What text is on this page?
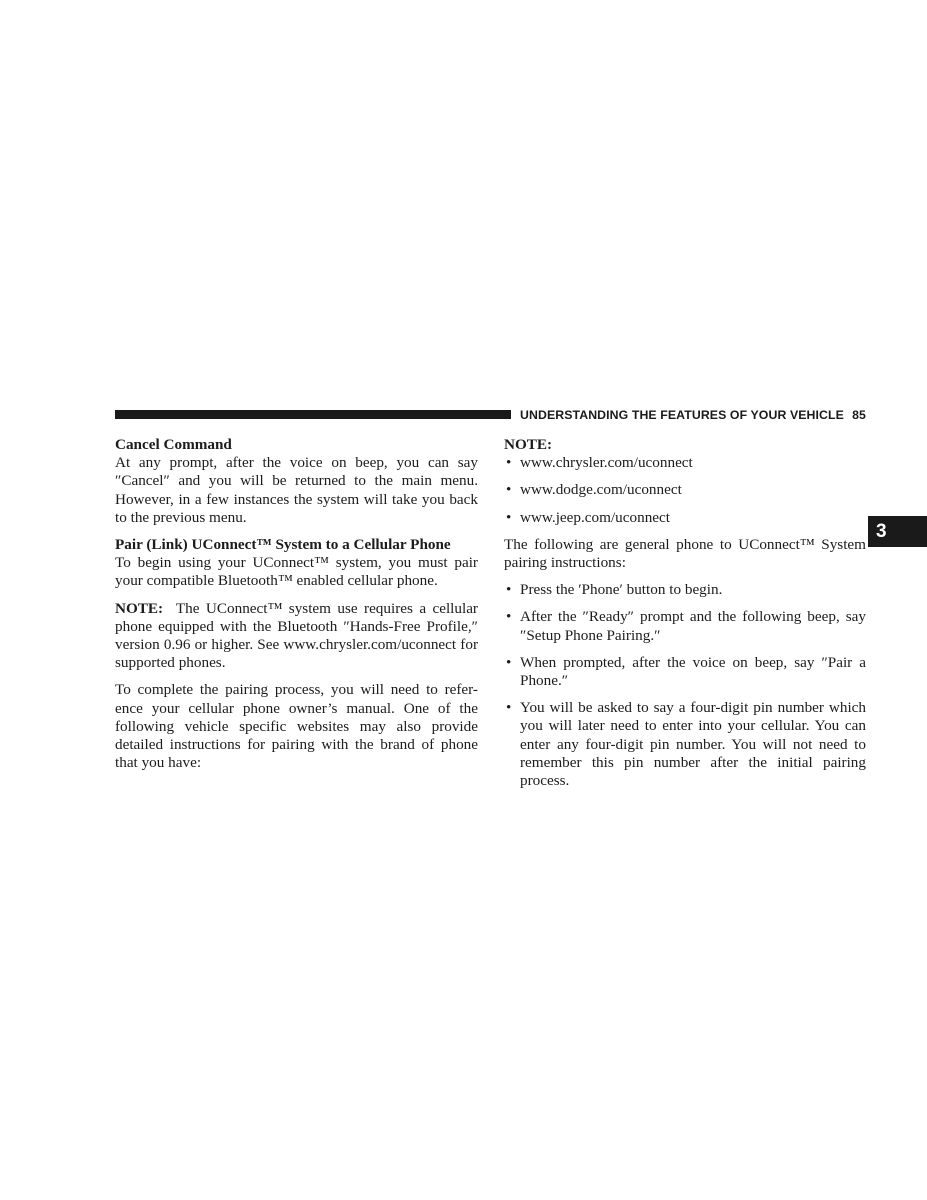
UNDERSTANDING THE FEATURES OF YOUR VEHICLE 85
3

Cancel Command
At any prompt, after the voice on beep, you can say ″Cancel″ and you will be returned to the main menu. However, in a few instances the system will take you back to the previous menu.

Pair (Link) UConnect™ System to a Cellular Phone
To begin using your UConnect™ system, you must pair your compatible Bluetooth™ enabled cellular phone.

NOTE: The UConnect™ system use requires a cellular phone equipped with the Bluetooth ″Hands-Free Profile,″ version 0.96 or higher. See www.chrysler.com/uconnect for supported phones.

To complete the pairing process, you will need to refer-ence your cellular phone owner’s manual. One of the following vehicle specific websites may also provide detailed instructions for pairing with the brand of phone that you have:

NOTE:

• www.chrysler.com/uconnect
• www.dodge.com/uconnect
• www.jeep.com/uconnect

The following are general phone to UConnect™ System pairing instructions:

• Press the ′Phone′ button to begin.
• After the ″Ready″ prompt and the following beep, say ″Setup Phone Pairing.″
• When prompted, after the voice on beep, say ″Pair a Phone.″
• You will be asked to say a four-digit pin number which you will later need to enter into your cellular. You can enter any four-digit pin number. You will not need to remember this pin number after the initial pairing process.
